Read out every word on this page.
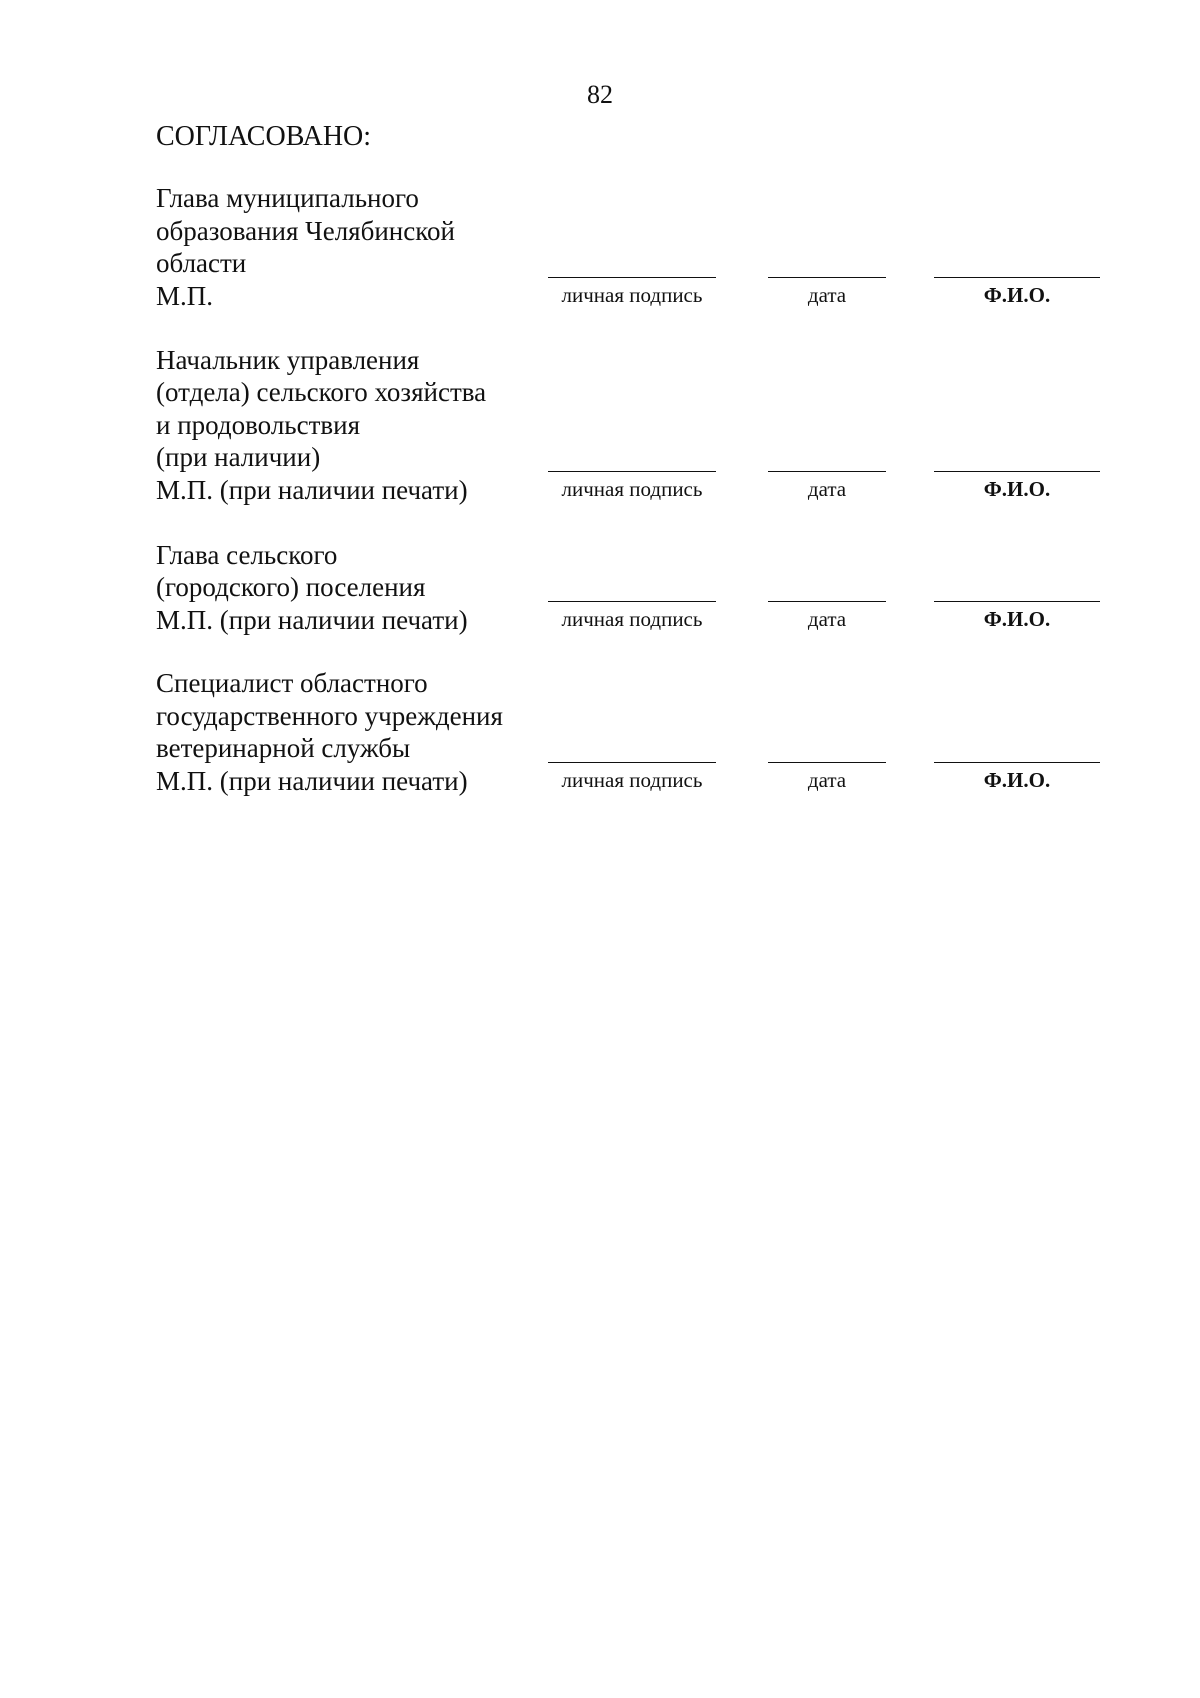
82
СОГЛАСОВАНО:
Глава муниципального
образования Челябинской
области
М.П.	личная подпись	дата	Ф.И.О.
Начальник управления
(отдела) сельского хозяйства
и продовольствия
(при наличии)
М.П. (при наличии печати)	личная подпись	дата	Ф.И.О.
Глава сельского
(городского) поселения
М.П. (при наличии печати)	личная подпись	дата	Ф.И.О.
Специалист областного
государственного учреждения
ветеринарной службы
М.П. (при наличии печати)	личная подпись	дата	Ф.И.О.
